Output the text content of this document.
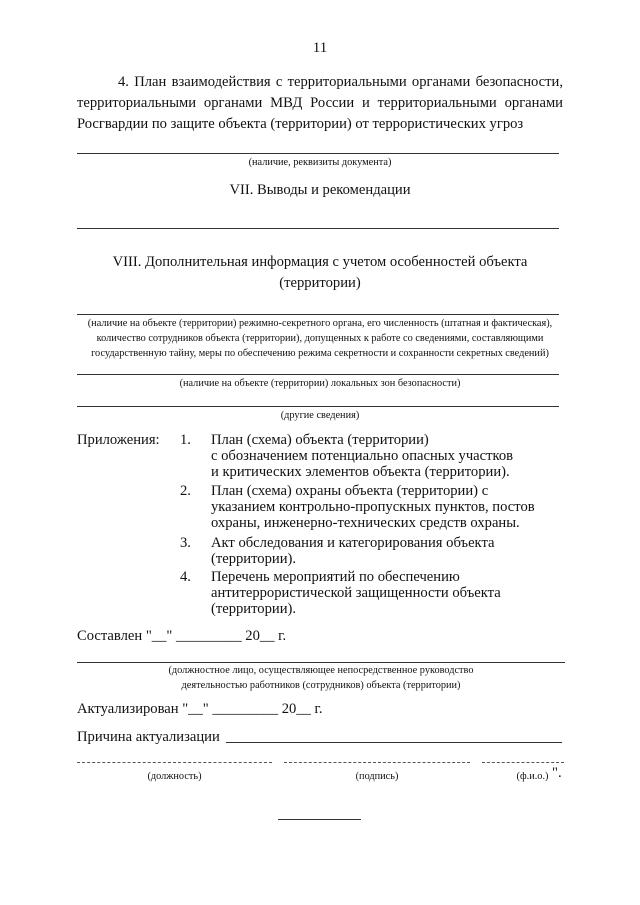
11
4. План взаимодействия с территориальными органами безопасности,
территориальными органами МВД России и территориальными органами
Росгвардии по защите объекта (территории) от террористических угроз
(наличие, реквизиты документа)
VII. Выводы и рекомендации
VIII. Дополнительная информация с учетом особенностей объекта
(территории)
(наличие на объекте (территории) режимно-секретного органа, его численность (штатная и фактическая),
количество сотрудников объекта (территории), допущенных к работе со сведениями, составляющими
государственную тайну, меры по обеспечению режима секретности и сохранности секретных сведений)
(наличие на объекте (территории) локальных зон безопасности)
(другие сведения)
Приложения: 1. План (схема) объекта (территории)
с обозначением потенциально опасных участков
и критических элементов объекта (территории).
2. План (схема) охраны объекта (территории) с
указанием контрольно-пропускных пунктов, постов
охраны, инженерно-технических средств охраны.
3. Акт обследования и категорирования объекта
(территории).
4. Перечень мероприятий по обеспечению
антитеррористической защищенности объекта
(территории).
Составлен "__" _________ 20__ г.
(должностное лицо, осуществляющее непосредственное руководство
деятельностью работников (сотрудников) объекта (территории)
Актуализирован "__" _________ 20__ г.
Причина актуализации
(должность)	(подпись)	(ф.и.о.) ".
